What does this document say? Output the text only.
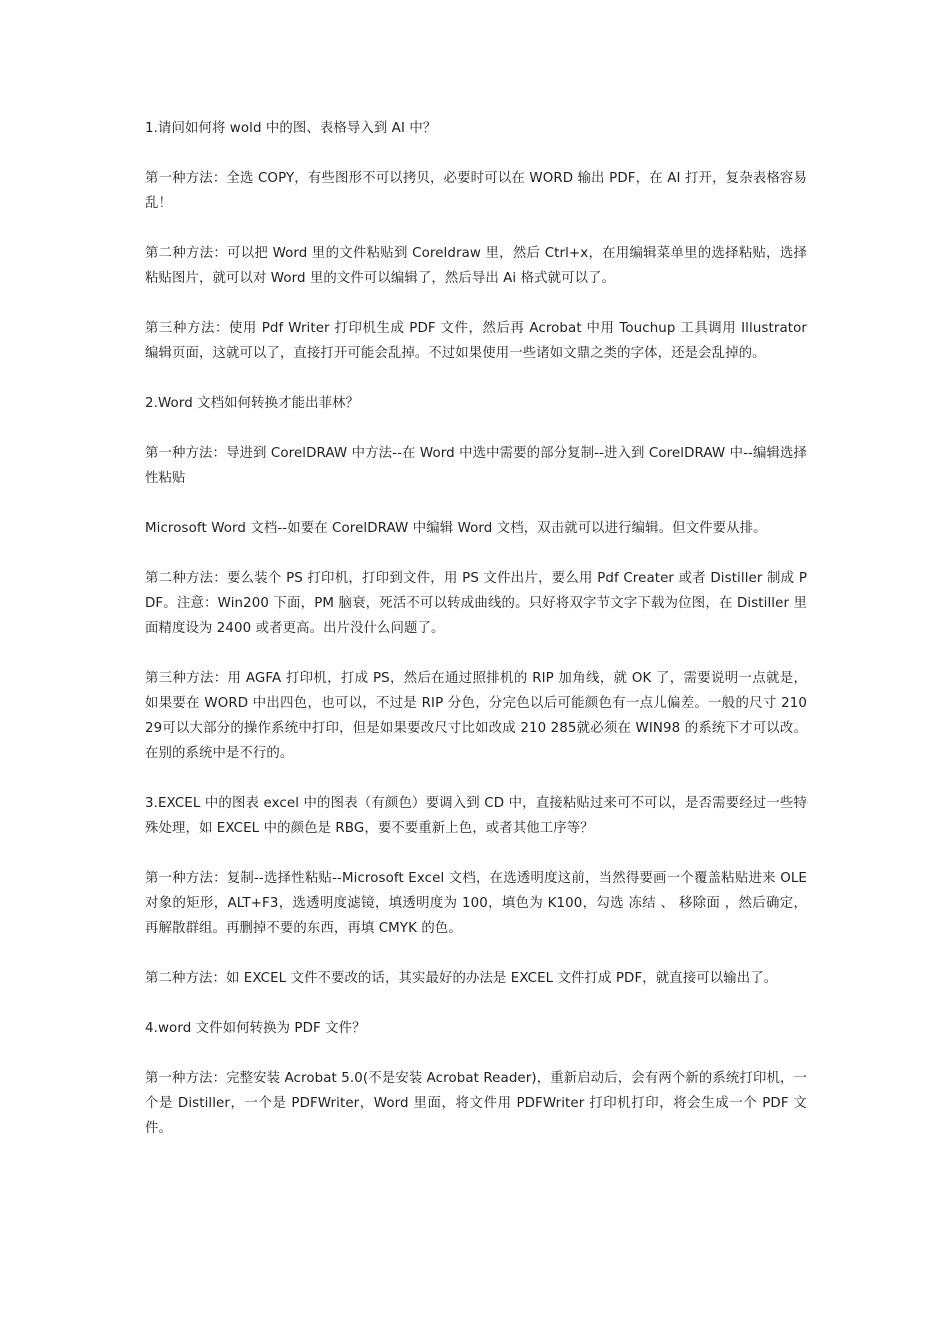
1.请问如何将 wold 中的图、表格导入到 AI 中？

第一种方法：全选 COPY，有些图形不可以拷贝，必要时可以在 WORD 输出 PDF，在 AI 打开，复杂表格容易乱！

第二种方法：可以把 Word 里的文件粘贴到 Coreldraw 里，然后 Ctrl+x，在用编辑菜单里的选择粘贴，选择粘贴图片，就可以对 Word 里的文件可以编辑了，然后导出 Ai 格式就可以了。

第三种方法：使用 Pdf Writer 打印机生成 PDF 文件，然后再 Acrobat 中用 Touchup 工具调用 Illustrator 编辑页面，这就可以了，直接打开可能会乱掉。不过如果使用一些诸如文鼎之类的字体，还是会乱掉的。

2.Word 文档如何转换才能出菲林？

第一种方法：导进到 CorelDRAW 中方法--在 Word 中选中需要的部分复制--进入到 CorelDRAW 中--编辑选择性粘贴

Microsoft Word 文档--如要在 CorelDRAW 中编辑 Word 文档，双击就可以进行编辑。但文件要从排。

第二种方法：要么装个 PS 打印机，打印到文件，用 PS 文件出片，要么用 Pdf Creater 或者 Distiller 制成 PDF。注意：Win200 下面，PM 脑衰，死活不可以转成曲线的。只好将双字节文字下载为位图，在 Distiller 里面精度设为 2400 或者更高。出片没什么问题了。

第三种方法：用 AGFA 打印机，打成 PS，然后在通过照排机的 RIP 加角线，就 OK 了，需要说明一点就是，如果要在 WORD 中出四色，也可以，不过是 RIP 分色，分完色以后可能颜色有一点儿偏差。一般的尺寸 210 29可以大部分的操作系统中打印，但是如果要改尺寸比如改成 210 285就必须在 WIN98 的系统下才可以改。在别的系统中是不行的。

3.EXCEL 中的图表 excel 中的图表（有颜色）要调入到 CD 中，直接粘贴过来可不可以，是否需要经过一些特殊处理，如 EXCEL 中的颜色是 RBG，要不要重新上色，或者其他工序等？

第一种方法：复制--选择性粘贴--Microsoft Excel 文档，在选透明度这前，当然得要画一个覆盖粘贴进来 OLE 对象的矩形，ALT+F3，选透明度滤镜，填透明度为 100，填色为 K100，勾选 冻结 、 移除面 ，然后确定，再解散群组。再删掉不要的东西，再填 CMYK 的色。

第二种方法：如 EXCEL 文件不要改的话，其实最好的办法是 EXCEL 文件打成 PDF，就直接可以输出了。

4.word 文件如何转换为 PDF 文件？

第一种方法：完整安装 Acrobat 5.0(不是安装 Acrobat Reader)，重新启动后，会有两个新的系统打印机，一个是 Distiller，一个是 PDFWriter，Word 里面，将文件用 PDFWriter 打印机打印，将会生成一个 PDF 文件。
